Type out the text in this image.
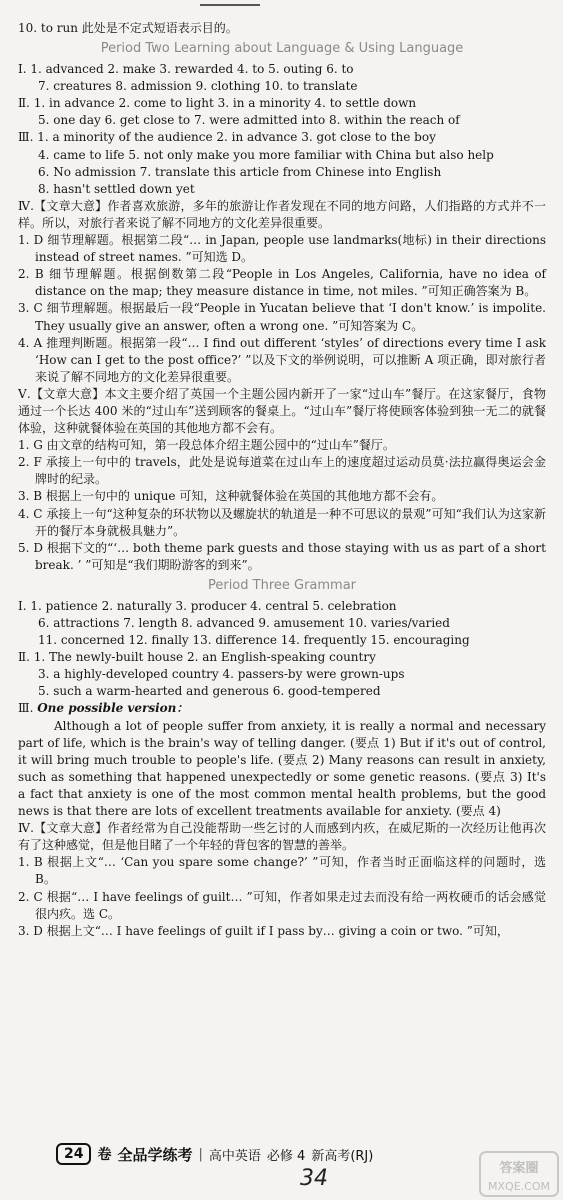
10. to run 此处是不定式短语表示目的。
Period Two Learning about Language & Using Language
Ⅰ. 1. advanced 2. make 3. rewarded 4. to 5. outing 6. to
7. creatures 8. admission 9. clothing 10. to translate
Ⅱ. 1. in advance 2. come to light 3. in a minority 4. to settle down
5. one day 6. get close to 7. were admitted into 8. within the reach of
Ⅲ. 1. a minority of the audience 2. in advance 3. got close to the boy
4. came to life 5. not only make you more familiar with China but also help
6. No admission 7. translate this article from Chinese into English
8. hasn't settled down yet
Ⅳ.【文章大意】作者喜欢旅游，多年的旅游让作者发现在不同的地方问路，人们指路的方式并不一样。所以，对旅行者来说了解不同地方的文化差异很重要。
1. D 细节理解题。根据第二段“… in Japan, people use landmarks(地标) in their directions instead of street names. ”可知选 D。
2. B 细节理解题。根据倒数第二段“People in Los Angeles, California, have no idea of distance on the map; they measure distance in time, not miles. ”可知正确答案为 B。
3. C 细节理解题。根据最后一段“People in Yucatan believe that ‘I don't know.’ is impolite. They usually give an answer, often a wrong one. ”可知答案为 C。
4. A 推理判断题。根据第一段“… I find out different ‘styles’ of directions every time I ask ‘How can I get to the post office?’ ”以及下文的举例说明，可以推断 A 项正确，即对旅行者来说了解不同地方的文化差异很重要。
Ⅴ.【文章大意】本文主要介绍了英国一个主题公园内新开了一家“过山车”餐厅。在这家餐厅，食物通过一个长达 400 米的“过山车”送到顾客的餐桌上。“过山车”餐厅将使顾客体验到独一无二的就餐体验，这种就餐体验在英国的其他地方都不会有。
1. G 由文章的结构可知，第一段总体介绍主题公园中的“过山车”餐厅。
2. F 承接上一句中的 travels，此处是说每道菜在过山车上的速度超过运动员莫·法拉赢得奥运会金牌时的纪录。
3. B 根据上一句中的 unique 可知，这种就餐体验在英国的其他地方都不会有。
4. C 承接上一句“这种复杂的环状物以及螺旋状的轨道是一种不可思议的景观”可知“我们认为这家新开的餐厅本身就极具魅力”。
5. D 根据下文的“‘… both theme park guests and those staying with us as part of a short break. ’ ”可知是“我们期盼游客的到来”。
Period Three Grammar
Ⅰ. 1. patience 2. naturally 3. producer 4. central 5. celebration
6. attractions 7. length 8. advanced 9. amusement 10. varies/varied
11. concerned 12. finally 13. difference 14. frequently 15. encouraging
Ⅱ. 1. The newly-built house 2. an English-speaking country
3. a highly-developed country 4. passers-by were grown-ups
5. such a warm-hearted and generous 6. good-tempered
Ⅲ. One possible version：
Although a lot of people suffer from anxiety, it is really a normal and necessary part of life, which is the brain's way of telling danger. (要点 1) But if it's out of control, it will bring much trouble to people's life. (要点 2) Many reasons can result in anxiety, such as something that happened unexpectedly or some genetic reasons. (要点 3) It's a fact that anxiety is one of the most common mental health problems, but the good news is that there are lots of excellent treatments available for anxiety. (要点 4)
Ⅳ.【文章大意】作者经常为自己没能帮助一些乞讨的人而感到内疚，在威尼斯的一次经历让他再次有了这种感觉，但是他目睹了一个年轻的背包客的智慧的善举。
1. B 根据上文“… ‘Can you spare some change?’ ”可知，作者当时正面临这样的问题时，选 B。
2. C 根据“… I have feelings of guilt… ”可知，作者如果走过去而没有给一两枚硬币的话会感觉很内疚。选 C。
3. D 根据上文“… I have feelings of guilt if I pass by… giving a coin or two. ”可知，
24	卷 全品学练考 | 高中英语 必修 4 新高考(RJ)
34	答案圈
MXQE.COM
